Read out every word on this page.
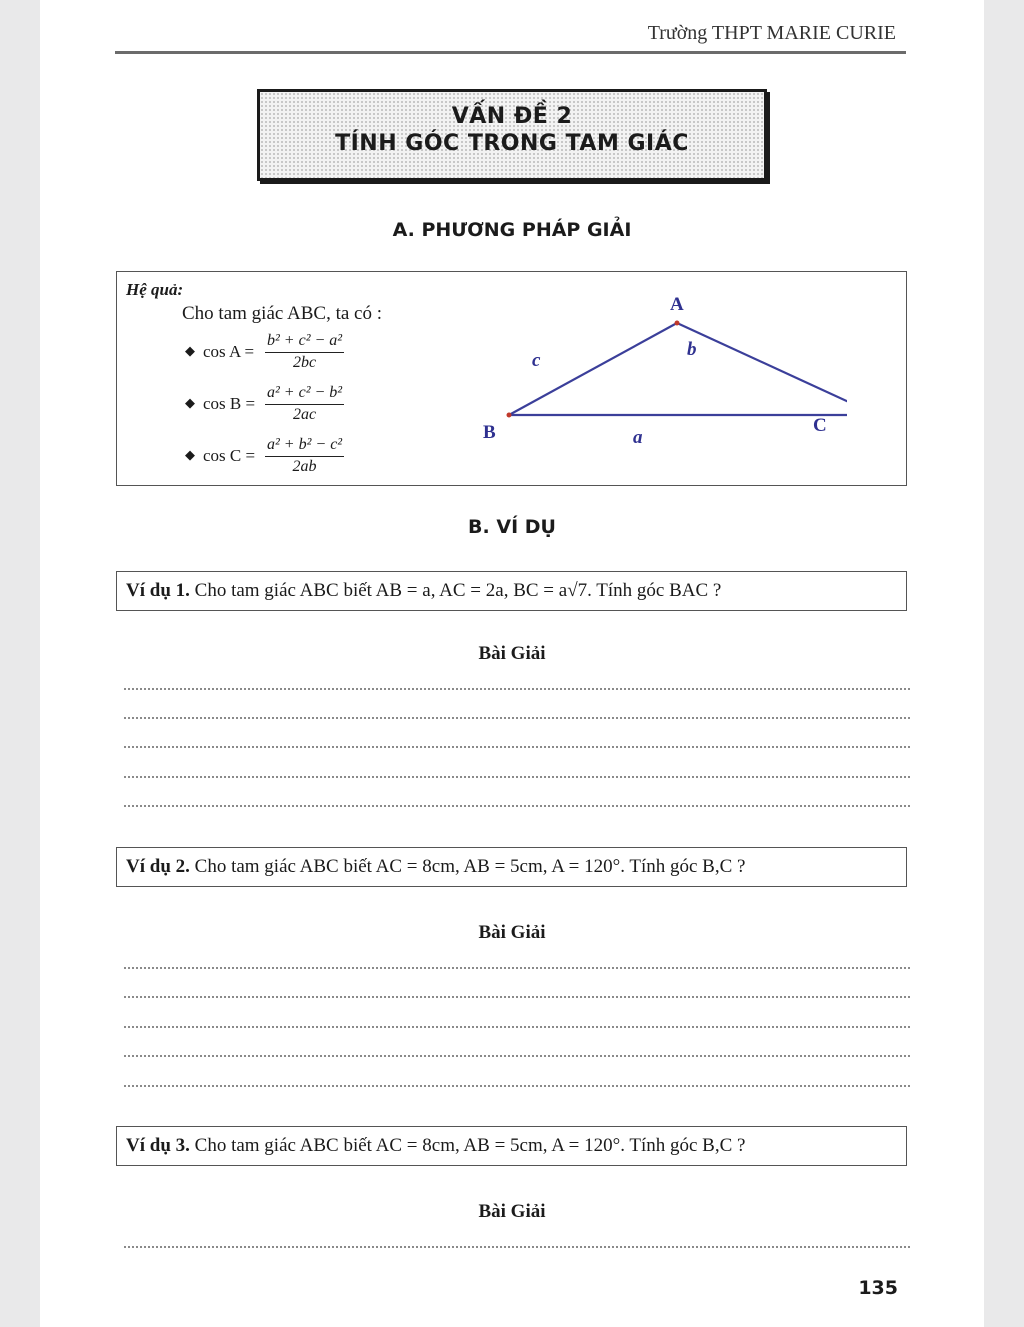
Trường THPT MARIE CURIE
VẤN ĐỀ 2
TÍNH GÓC TRONG TAM GIÁC
A. PHƯƠNG PHÁP GIẢI
Hệ quả:
Cho tam giác ABC, ta có :
◆ $\cos A = \frac{\text{b² + c² − a²}}{2bc}$
◆ $\cos B = \frac{\text{a² + c² − b²}}{2ac}$
◆ $\cos C = \frac{\text{a² + b² − c²}}{2ab}$
A
B	C
a
b
c
B. VÍ DỤ
Ví dụ 1. Cho tam giác ABC biết AB = a, AC = 2a, BC = a√7. Tính góc BAC ?
Bài Giải
Ví dụ 2. Cho tam giác ABC biết AC = 8cm, AB = 5cm, A = 120°. Tính góc B,C ?
Bài Giải
Ví dụ 3. Cho tam giác ABC biết AC = 8cm, AB = 5cm, A = 120°. Tính góc B,C ?
Bài Giải
135
